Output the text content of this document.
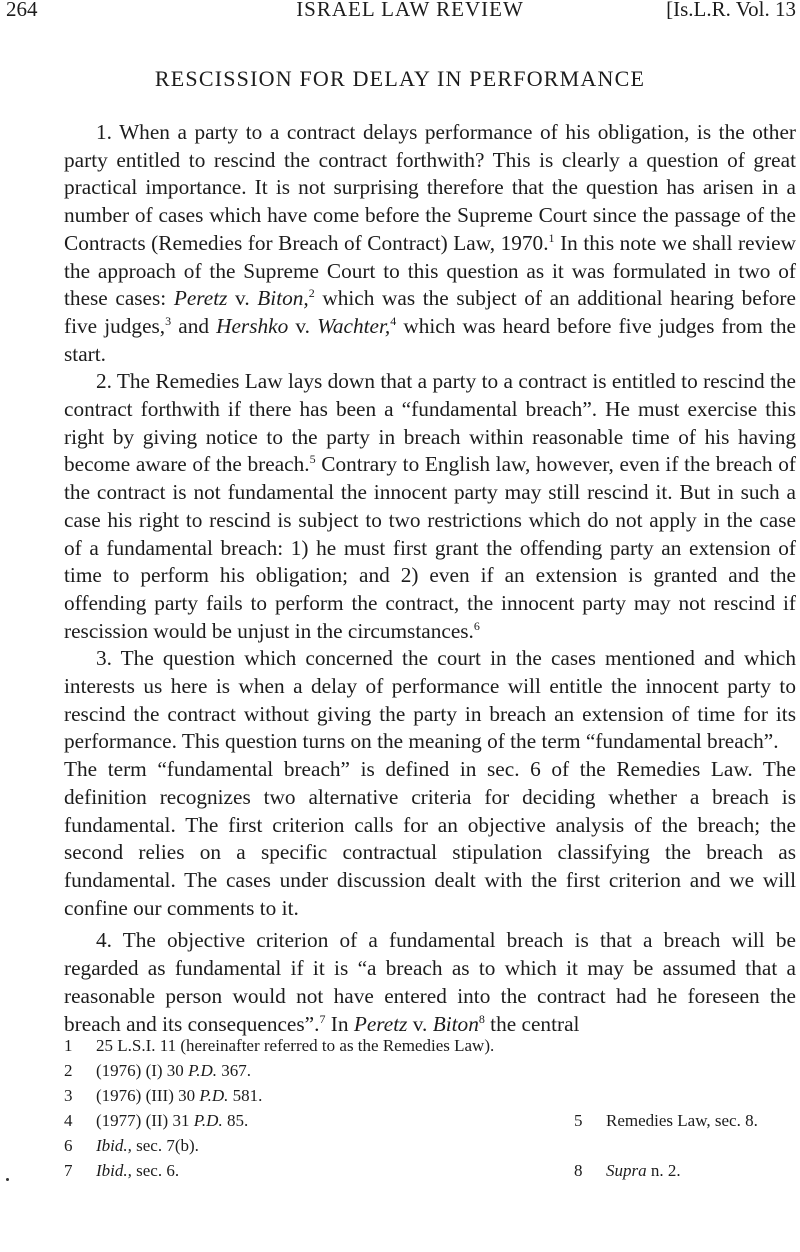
264	ISRAEL LAW REVIEW	[Is.L.R. Vol. 13
RESCISSION FOR DELAY IN PERFORMANCE

1. When a party to a contract delays performance of his obligation, is the other party entitled to rescind the contract forthwith? This is clearly a question of great practical importance. It is not surprising therefore that the question has arisen in a number of cases which have come before the Supreme Court since the passage of the Contracts (Remedies for Breach of Contract) Law, 1970.$^1$ In this note we shall review the approach of the Supreme Court to this question as it was formulated in two of these cases: Peretz v. Biton,$^2$ which was the subject of an additional hearing before five judges,$^3$ and Hershko v. Wachter,$^4$ which was heard before five judges from the start.

2. The Remedies Law lays down that a party to a contract is entitled to rescind the contract forthwith if there has been a “fundamental breach”. He must exercise this right by giving notice to the party in breach within reasonable time of his having become aware of the breach.$^5$ Contrary to English law, however, even if the breach of the contract is not fundamental the innocent party may still rescind it. But in such a case his right to rescind is subject to two restrictions which do not apply in the case of a fundamental breach: 1) he must first grant the offending party an extension of time to perform his obligation; and 2) even if an extension is granted and the offending party fails to perform the contract, the innocent party may not rescind if rescission would be unjust in the circumstances.$^6$

3. The question which concerned the court in the cases mentioned and which interests us here is when a delay of performance will entitle the innocent party to rescind the contract without giving the party in breach an extension of time for its performance. This question turns on the meaning of the term “fundamental breach”.

The term “fundamental breach” is defined in sec. 6 of the Remedies Law. The definition recognizes two alternative criteria for deciding whether a breach is fundamental. The first criterion calls for an objective analysis of the breach; the second relies on a specific contractual stipulation classifying the breach as fundamental. The cases under discussion dealt with the first criterion and we will confine our comments to it.

4. The objective criterion of a fundamental breach is that a breach will be regarded as fundamental if it is “a breach as to which it may be assumed that a reasonable person would not have entered into the contract had he foreseen the breach and its consequences”.$^7$ In Peretz v. Biton$^8$ the central

1 25 L.S.I. 11 (hereinafter referred to as the Remedies Law).
2 (1976) (I) 30 P.D. 367.
3 (1976) (III) 30 P.D. 581.
4 (1977) (II) 31 P.D. 85.	5 Remedies Law, sec. 8.
6 Ibid., sec. 7(b).
7 Ibid., sec. 6.	8 Supra n. 2.
